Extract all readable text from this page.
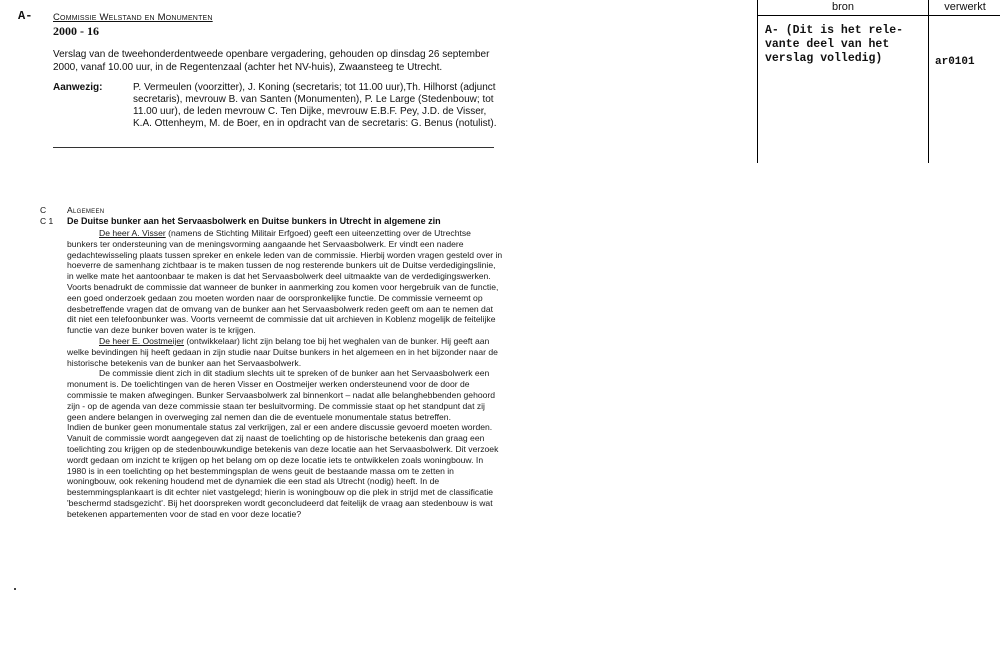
A- Commissie Welstand en Monumenten
2000 - 16
Verslag van de tweehonderdentweede openbare vergadering, gehouden op dinsdag 26 september 2000, vanaf 10.00 uur, in de Regentenzaal (achter het NV-huis), Zwaansteeg te Utrecht.
Aanwezig:	P. Vermeulen (voorzitter), J. Koning (secretaris; tot 11.00 uur),Th. Hilhorst (adjunct secretaris), mevrouw B. van Santen (Monumenten), P. Le Large (Stedenbouw; tot 11.00 uur), de leden mevrouw C. Ten Dijke, mevrouw E.B.F. Pey, J.D. de Visser, K.A. Ottenheym, M. de Boer, en in opdracht van de secretaris: G. Benus (notulist).
bron	verwerkt
A- (Dit is het rele-
vante deel van het
verslag volledig)	ar0101
C	Algemeen
C 1	De Duitse bunker aan het Servaasbolwerk en Duitse bunkers in Utrecht in algemene zin

De heer A. Visser (namens de Stichting Militair Erfgoed) geeft een uiteenzetting over de Utrechtse bunkers ter ondersteuning van de meningsvorming aangaande het Servaasbolwerk. Er vindt een nadere gedachtewisseling plaats tussen spreker en enkele leden van de commissie. Hierbij worden vragen gesteld over in hoeverre de samenhang zichtbaar is te maken tussen de nog resterende bunkers uit de Duitse verdedigingslinie, in welke mate het aantoonbaar te maken is dat het Servaasbolwerk deel uitmaakte van de verdedigingswerken. Voorts benadrukt de commissie dat wanneer de bunker in aanmerking zou komen voor hergebruik van de functie, een goed onderzoek gedaan zou moeten worden naar de oorspronkelijke functie. De commissie verneemt op desbetreffende vragen dat de omvang van de bunker aan het Servaasbolwerk reden geeft om aan te nemen dat dit niet een telefoonbunker was. Voorts verneemt de commissie dat uit archieven in Koblenz mogelijk de feitelijke functie van deze bunker boven water is te krijgen.

De heer E. Oostmeijer (ontwikkelaar) licht zijn belang toe bij het weghalen van de bunker. Hij geeft aan welke bevindingen hij heeft gedaan in zijn studie naar Duitse bunkers in het algemeen en in het bijzonder naar de historische betekenis van de bunker aan het Servaasbolwerk.

De commissie dient zich in dit stadium slechts uit te spreken of de bunker aan het Servaasbolwerk een monument is. De toelichtingen van de heren Visser en Oostmeijer werken ondersteunend voor de door de commissie te maken afwegingen. Bunker Servaasbolwerk zal binnenkort – nadat alle belanghebbenden gehoord zijn - op de agenda van deze commissie staan ter besluitvorming. De commissie staat op het standpunt dat zij geen andere belangen in overweging zal nemen dan die de eventuele monumentale status betreffen.

Indien de bunker geen monumentale status zal verkrijgen, zal er een andere discussie gevoerd moeten worden. Vanuit de commissie wordt aangegeven dat zij naast de toelichting op de historische betekenis dan graag een toelichting zou krijgen op de stedenbouwkundige betekenis van deze locatie aan het Servaasbolwerk. Dit verzoek wordt gedaan om inzicht te krijgen op het belang om op deze locatie iets te ontwikkelen zoals woningbouw. In 1980 is in een toelichting op het bestemmingsplan de wens geuit de bestaande massa om te zetten in woningbouw, ook rekening houdend met de dynamiek die een stad als Utrecht (nodig) heeft. In de bestemmingsplankaart is dit echter niet vastgelegd; hierin is woningbouw op die plek in strijd met de classificatie 'beschermd stadsgezicht'. Bij het doorspreken wordt geconcludeerd dat feitelijk de vraag aan stedenbouw is wat betekenen appartementen voor de stad en voor deze locatie?
